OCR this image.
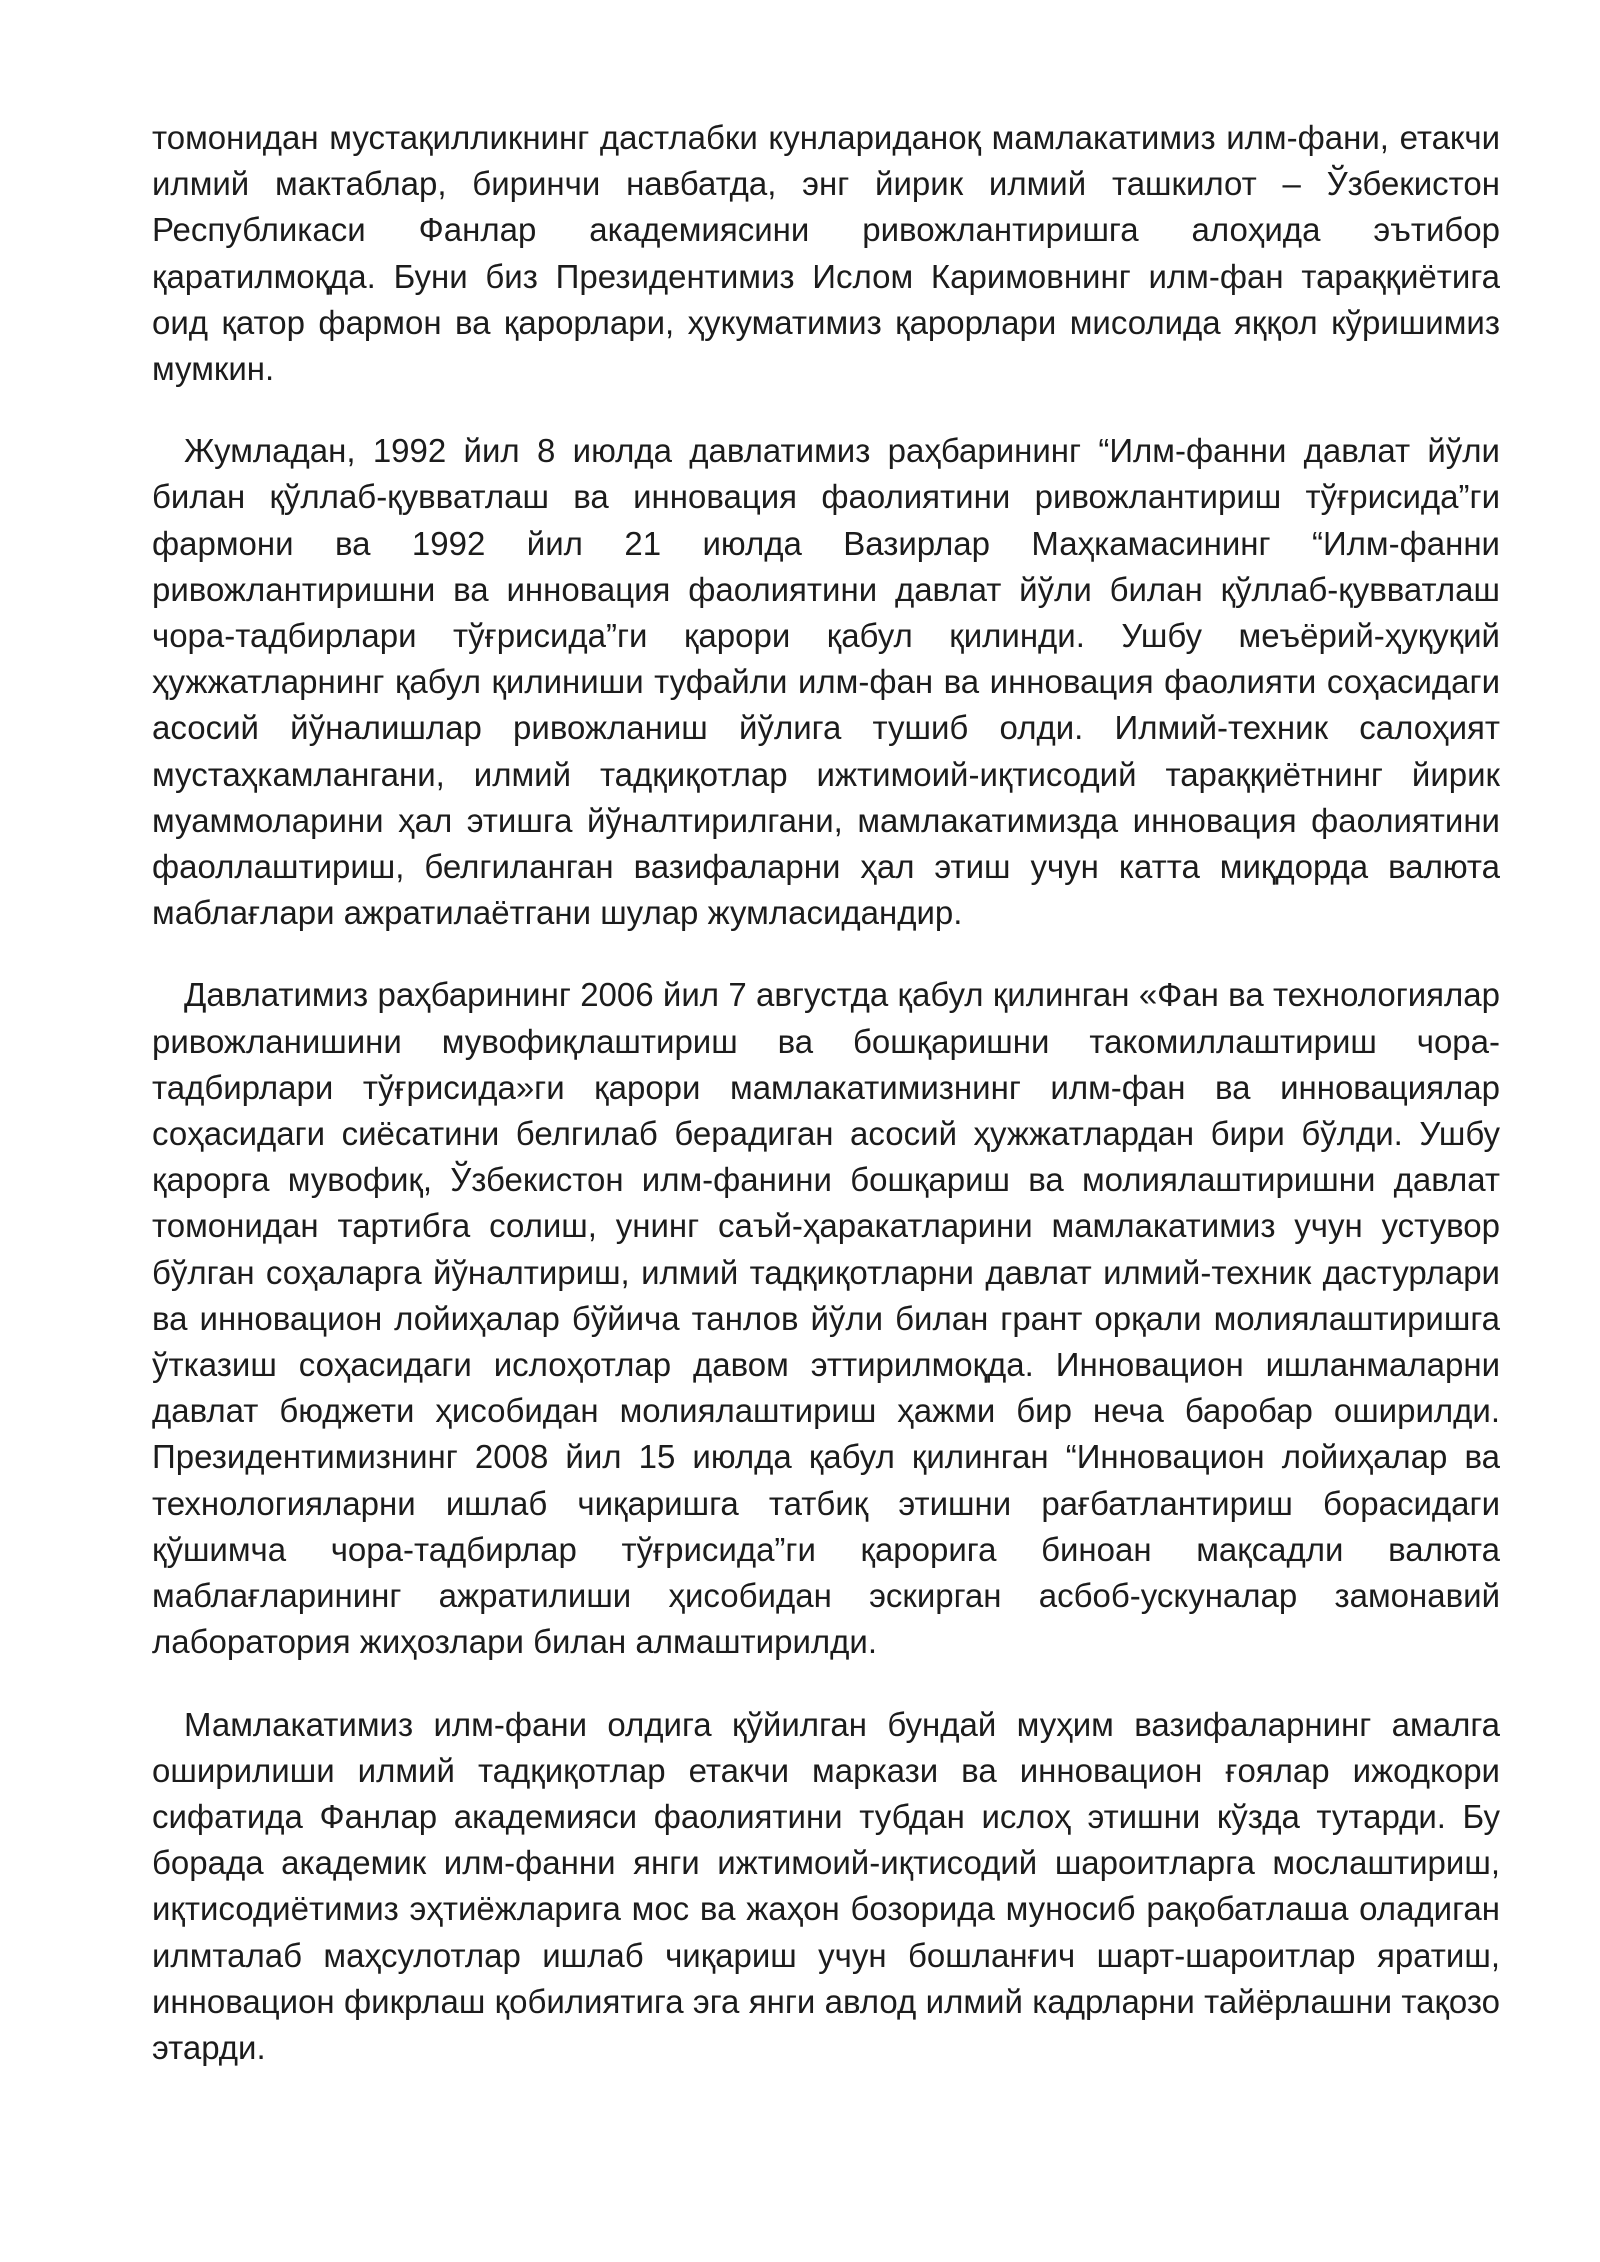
томонидан мустақилликнинг дастлабки кунлариданоқ мамлакатимиз илм-фани, етакчи илмий мактаблар, биринчи навбатда, энг йирик илмий ташкилот – Ўзбекистон Республикаси Фанлар академиясини ривожлантиришга алоҳида эътибор қаратилмоқда. Буни биз Президентимиз Ислом Каримовнинг илм-фан тараққиётига оид қатор фармон ва қарорлари, ҳукуматимиз қарорлари мисолида яққол кўришимиз мумкин.

Жумладан, 1992 йил 8 июлда давлатимиз раҳбарининг “Илм-фанни давлат йўли билан қўллаб-қувватлаш ва инновация фаолиятини ривожлантириш тўғрисида”ги фармони ва 1992 йил 21 июлда Вазирлар Маҳкамасининг “Илм-фанни ривожлантиришни ва инновация фаолиятини давлат йўли билан қўллаб-қувватлаш чора-тадбирлари тўғрисида”ги қарори қабул қилинди. Ушбу меъёрий-ҳуқуқий ҳужжатларнинг қабул қилиниши туфайли илм-фан ва инновация фаолияти соҳасидаги асосий йўналишлар ривожланиш йўлига тушиб олди. Илмий-техник салоҳият мустаҳкамлангани, илмий тадқиқотлар ижтимоий-иқтисодий тараққиётнинг йирик муаммоларини ҳал этишга йўналтирилгани, мамлакатимизда инновация фаолиятини фаоллаштириш, белгиланган вазифаларни ҳал этиш учун катта миқдорда валюта маблағлари ажратилаётгани шулар жумласидандир.

Давлатимиз раҳбарининг 2006 йил 7 августда қабул қилинган «Фан ва технологиялар ривожланишини мувофиқлаштириш ва бошқаришни такомиллаштириш чора-тадбирлари тўғрисида»ги қарори мамлакатимизнинг илм-фан ва инновациялар соҳасидаги сиёсатини белгилаб берадиган асосий ҳужжатлардан бири бўлди. Ушбу қарорга мувофиқ, Ўзбекистон илм-фанини бошқариш ва молиялаштиришни давлат томонидан тартибга солиш, унинг саъй-ҳаракатларини мамлакатимиз учун устувор бўлган соҳаларга йўналтириш, илмий тадқиқотларни давлат илмий-техник дастурлари ва инновацион лойиҳалар бўйича танлов йўли билан грант орқали молиялаштиришга ўтказиш соҳасидаги ислоҳотлар давом эттирилмоқда. Инновацион ишланмаларни давлат бюджети ҳисобидан молиялаштириш ҳажми бир неча баробар оширилди. Президентимизнинг 2008 йил 15 июлда қабул қилинган “Инновацион лойиҳалар ва технологияларни ишлаб чиқаришга татбиқ этишни рағбатлантириш борасидаги қўшимча чора-тадбирлар тўғрисида”ги қарорига биноан мақсадли валюта маблағларининг ажратилиши ҳисобидан эскирган асбоб-ускуналар замонавий лаборатория жиҳозлари билан алмаштирилди.

Мамлакатимиз илм-фани олдига қўйилган бундай муҳим вазифаларнинг амалга оширилиши илмий тадқиқотлар етакчи маркази ва инновацион ғоялар ижодкори сифатида Фанлар академияси фаолиятини тубдан ислоҳ этишни кўзда тутарди. Бу борада академик илм-фанни янги ижтимоий-иқтисодий шароитларга мослаштириш, иқтисодиётимиз эҳтиёжларига мос ва жаҳон бозорида муносиб рақобатлаша оладиган илмталаб маҳсулотлар ишлаб чиқариш учун бошланғич шарт-шароитлар яратиш, инновацион фикрлаш қобилиятига эга янги авлод илмий кадрларни тайёрлашни тақозо этарди.
